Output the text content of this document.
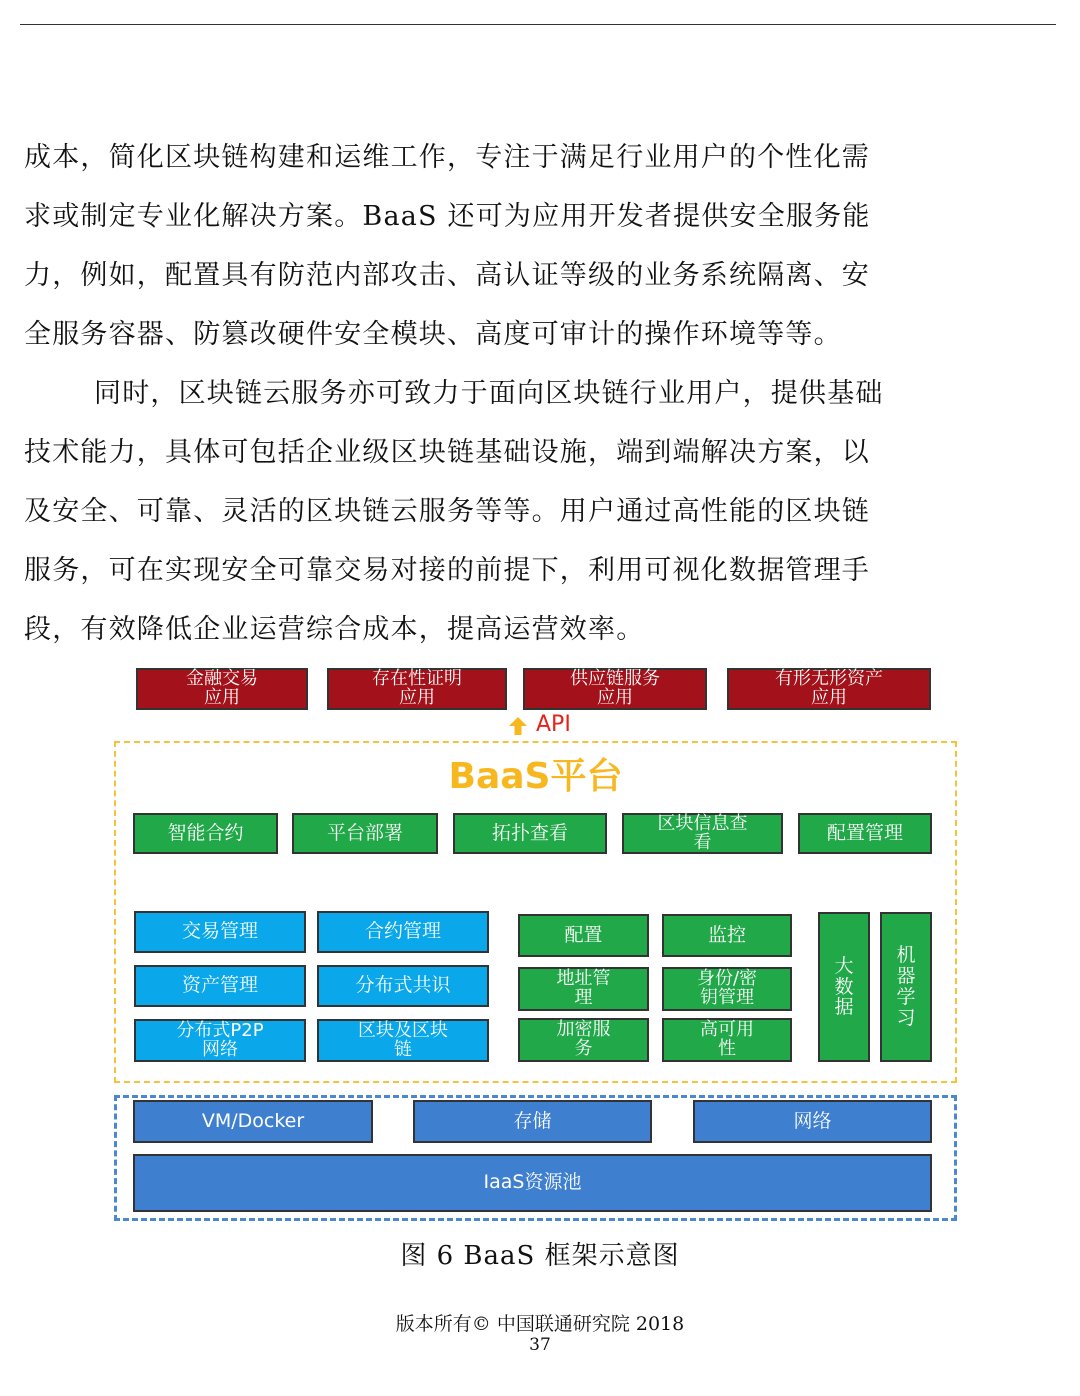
成本，简化区块链构建和运维工作，专注于满足行业用户的个性化需
求或制定专业化解决方案。BaaS 还可为应用开发者提供安全服务能
力，例如，配置具有防范内部攻击、高认证等级的业务系统隔离、安
全服务容器、防篡改硬件安全模块、高度可审计的操作环境等等。
同时，区块链云服务亦可致力于面向区块链行业用户，提供基础
技术能力，具体可包括企业级区块链基础设施，端到端解决方案，以
及安全、可靠、灵活的区块链云服务等等。用户通过高性能的区块链
服务，可在实现安全可靠交易对接的前提下，利用可视化数据管理手
段，有效降低企业运营综合成本，提高运营效率。
金融交易
应用
存在性证明
应用
供应链服务
应用
有形无形资产
应用
API
BaaS平台
智能合约	平台部署	拓扑查看	区块信息查
看	配置管理
交易管理	合约管理
资产管理	分布式共识
分布式P2P
网络
区块及区块
链
配置	监控
地址管
理
身份/密
钥管理
加密服
务
高可用
性
大
数
据
机
器
学
习
VM/Docker	存储	网络
IaaS资源池
图 6 BaaS 框架示意图
版本所有© 中国联通研究院 2018
37
